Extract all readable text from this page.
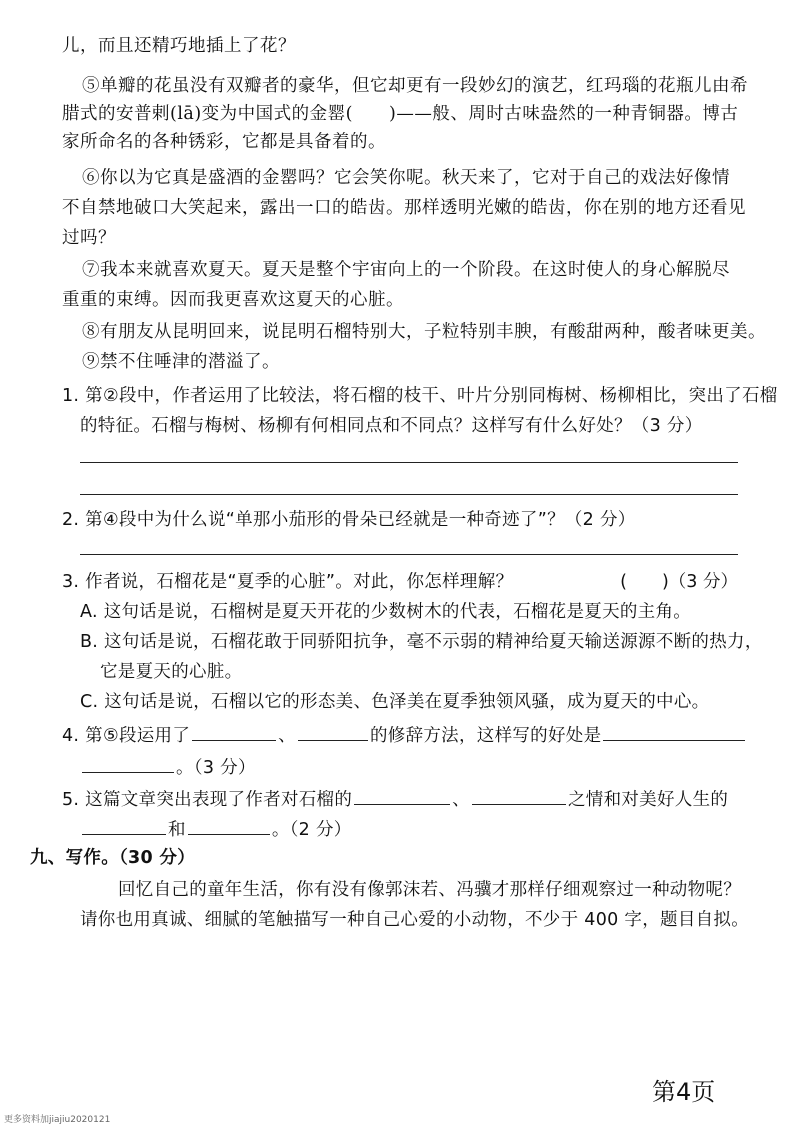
儿，而且还精巧地插上了花？
⑤单瓣的花虽没有双瓣者的豪华，但它却更有一段妙幻的演艺，红玛瑙的花瓶儿由希
腊式的安普剌(lā)变为中国式的金罂(　　)——般、周时古味盎然的一种青铜器。博古
家所命名的各种锈彩，它都是具备着的。
⑥你以为它真是盛酒的金罂吗？它会笑你呢。秋天来了，它对于自己的戏法好像情
不自禁地破口大笑起来，露出一口的皓齿。那样透明光嫩的皓齿，你在别的地方还看见
过吗？
⑦我本来就喜欢夏天。夏天是整个宇宙向上的一个阶段。在这时使人的身心解脱尽
重重的束缚。因而我更喜欢这夏天的心脏。
⑧有朋友从昆明回来，说昆明石榴特别大，子粒特别丰腴，有酸甜两种，酸者味更美。
⑨禁不住唾津的潜溢了。
1. 第②段中，作者运用了比较法，将石榴的枝干、叶片分别同梅树、杨柳相比，突出了石榴
的特征。石榴与梅树、杨柳有何相同点和不同点？这样写有什么好处？（3 分）
2. 第④段中为什么说“单那小茄形的骨朵已经就是一种奇迹了”？（2 分）
3. 作者说，石榴花是“夏季的心脏”。对此，你怎样理解？	(　　)（3 分）
A. 这句话是说，石榴树是夏天开花的少数树木的代表，石榴花是夏天的主角。
B. 这句话是说，石榴花敢于同骄阳抗争，毫不示弱的精神给夏天输送源源不断的热力，
它是夏天的心脏。
C. 这句话是说，石榴以它的形态美、色泽美在夏季独领风骚，成为夏天的中心。
4. 第⑤段运用了	、	的修辞方法，这样写的好处是
。（3 分）
5. 这篇文章突出表现了作者对石榴的	、	之情和对美好人生的
和	。（2 分）
九、写作。（30 分）
回忆自己的童年生活，你有没有像郭沫若、冯骥才那样仔细观察过一种动物呢？
请你也用真诚、细腻的笔触描写一种自己心爱的小动物，不少于 400 字，题目自拟。
第4页
更多资料加jiajiu2020121
